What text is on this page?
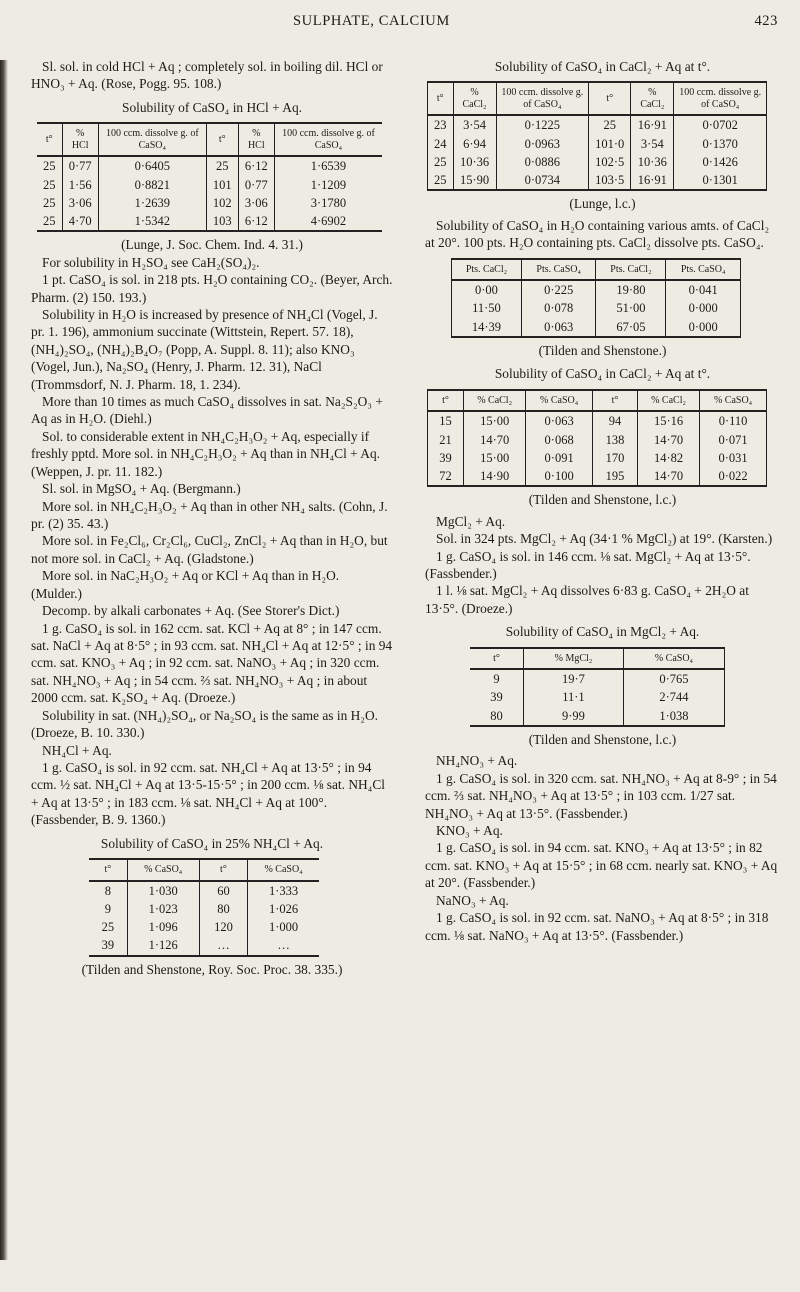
SULPHATE, CALCIUM	423

Sl. sol. in cold HCl + Aq ; completely sol. in boiling dil. HCl or HNO₃ + Aq. (Rose, Pogg. 95. 108.)

Solubility of CaSO₄ in HCl + Aq.

t°	% HCl	100 ccm. dissolve g. of CaSO₄	t°	% HCl	100 ccm. dissolve g. of CaSO₄
25	0·77	0·6405	25	6·12	1·6539
25	1·56	0·8821	101	0·77	1·1209
25	3·06	1·2639	102	3·06	3·1780
25	4·70	1·5342	103	6·12	4·6902

(Lunge, J. Soc. Chem. Ind. 4. 31.)

For solubility in H₂SO₄ see CaH₂(SO₄)₂.

1 pt. CaSO₄ is sol. in 218 pts. H₂O containing CO₂. (Beyer, Arch. Pharm. (2) 150. 193.)

Solubility in H₂O is increased by presence of NH₄Cl (Vogel, J. pr. 1. 196), ammonium succinate (Wittstein, Repert. 57. 18), (NH₄)₂SO₄, (NH₄)₂B₄O₇ (Popp, A. Suppl. 8. 11); also KNO₃ (Vogel, Jun.), Na₂SO₄ (Henry, J. Pharm. 12. 31), NaCl (Trommsdorf, N. J. Pharm. 18, 1. 234).

More than 10 times as much CaSO₄ dissolves in sat. Na₂S₂O₃ + Aq as in H₂O. (Diehl.)

Sol. to considerable extent in NH₄C₂H₃O₂ + Aq, especially if freshly pptd. More sol. in NH₄C₂H₃O₂ + Aq than in NH₄Cl + Aq. (Weppen, J. pr. 11. 182.)

Sl. sol. in MgSO₄ + Aq. (Bergmann.)

More sol. in NH₄C₂H₃O₂ + Aq than in other NH₄ salts. (Cohn, J. pr. (2) 35. 43.)

More sol. in Fe₂Cl₆, Cr₂Cl₆, CuCl₂, ZnCl₂ + Aq than in H₂O, but not more sol. in CaCl₂ + Aq. (Gladstone.)

More sol. in NaC₂H₃O₂ + Aq or KCl + Aq than in H₂O. (Mulder.)

Decomp. by alkali carbonates + Aq. (See Storer's Dict.)

1 g. CaSO₄ is sol. in 162 ccm. sat. KCl + Aq at 8° ; in 147 ccm. sat. NaCl + Aq at 8·5° ; in 93 ccm. sat. NH₄Cl + Aq at 12·5° ; in 94 ccm. sat. KNO₃ + Aq ; in 92 ccm. sat. NaNO₃ + Aq ; in 320 ccm. sat. NH₄NO₃ + Aq ; in 54 ccm. ⅔ sat. NH₄NO₃ + Aq ; in about 2000 ccm. sat. K₂SO₄ + Aq. (Droeze.)

Solubility in sat. (NH₄)₂SO₄, or Na₂SO₄ is the same as in H₂O. (Droeze, B. 10. 330.)

NH₄Cl + Aq.

1 g. CaSO₄ is sol. in 92 ccm. sat. NH₄Cl + Aq at 13·5° ; in 94 ccm. ½ sat. NH₄Cl + Aq at 13·5-15·5° ; in 200 ccm. ⅛ sat. NH₄Cl + Aq at 13·5° ; in 183 ccm. ⅛ sat. NH₄Cl + Aq at 100°. (Fassbender, B. 9. 1360.)

Solubility of CaSO₄ in 25% NH₄Cl + Aq.

t°	% CaSO₄	t°	% CaSO₄
8	1·030	60	1·333
9	1·023	80	1·026
25	1·096	120	1·000
39	1·126	…	…

(Tilden and Shenstone, Roy. Soc. Proc. 38. 335.)

Solubility of CaSO₄ in CaCl₂ + Aq at t°.

t°	% CaCl₂	100 ccm. dissolve g. of CaSO₄	t°	% CaCl₂	100 ccm. dissolve g. of CaSO₄
23	3·54	0·1225	25	16·91	0·0702
24	6·94	0·0963	101·0	3·54	0·1370
25	10·36	0·0886	102·5	10·36	0·1426
25	15·90	0·0734	103·5	16·91	0·1301

(Lunge, l.c.)

Solubility of CaSO₄ in H₂O containing various amts. of CaCl₂ at 20°. 100 pts. H₂O containing pts. CaCl₂ dissolve pts. CaSO₄.

Pts. CaCl₂	Pts. CaSO₄	Pts. CaCl₂	Pts. CaSO₄
0·00	0·225	19·80	0·041
11·50	0·078	51·00	0·000
14·39	0·063	67·05	0·000

(Tilden and Shenstone.)

Solubility of CaSO₄ in CaCl₂ + Aq at t°.

t°	% CaCl₂	% CaSO₄	t°	% CaCl₂	% CaSO₄
15	15·00	0·063	94	15·16	0·110
21	14·70	0·068	138	14·70	0·071
39	15·00	0·091	170	14·82	0·031
72	14·90	0·100	195	14·70	0·022

(Tilden and Shenstone, l.c.)

MgCl₂ + Aq.

Sol. in 324 pts. MgCl₂ + Aq (34·1 % MgCl₂) at 19°. (Karsten.)

1 g. CaSO₄ is sol. in 146 ccm. ⅛ sat. MgCl₂ + Aq at 13·5°. (Fassbender.)

1 l. ⅛ sat. MgCl₂ + Aq dissolves 6·83 g. CaSO₄ + 2H₂O at 13·5°. (Droeze.)

Solubility of CaSO₄ in MgCl₂ + Aq.

t°	% MgCl₂	% CaSO₄
9	19·7	0·765
39	11·1	2·744
80	9·99	1·038

(Tilden and Shenstone, l.c.)

NH₄NO₃ + Aq.

1 g. CaSO₄ is sol. in 320 ccm. sat. NH₄NO₃ + Aq at 8-9° ; in 54 ccm. ⅔ sat. NH₄NO₃ + Aq at 13·5° ; in 103 ccm. 1/27 sat. NH₄NO₃ + Aq at 13·5°. (Fassbender.)

KNO₃ + Aq.

1 g. CaSO₄ is sol. in 94 ccm. sat. KNO₃ + Aq at 13·5° ; in 82 ccm. sat. KNO₃ + Aq at 15·5° ; in 68 ccm. nearly sat. KNO₃ + Aq at 20°. (Fassbender.)

NaNO₃ + Aq.

1 g. CaSO₄ is sol. in 92 ccm. sat. NaNO₃ + Aq at 8·5° ; in 318 ccm. ⅛ sat. NaNO₃ + Aq at 13·5°. (Fassbender.)
